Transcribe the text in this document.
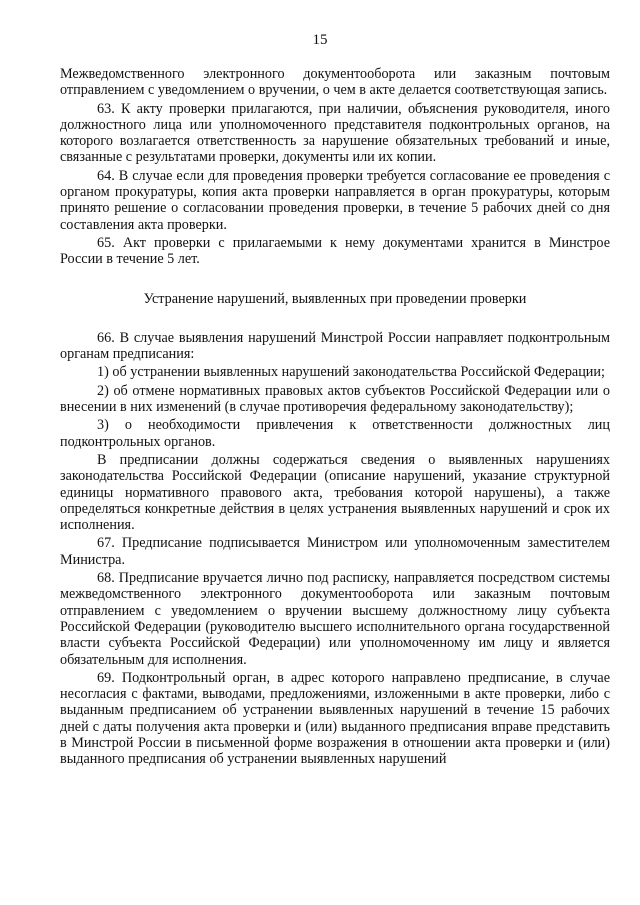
15

Межведомственного электронного документооборота или заказным почтовым отправлением с уведомлением о вручении, о чем в акте делается соответствующая запись.

63. К акту проверки прилагаются, при наличии, объяснения руководителя, иного должностного лица или уполномоченного представителя подконтрольных органов, на которого возлагается ответственность за нарушение обязательных требований и иные, связанные с результатами проверки, документы или их копии.

64. В случае если для проведения проверки требуется согласование ее проведения с органом прокуратуры, копия акта проверки направляется в орган прокуратуры, которым принято решение о согласовании проведения проверки, в течение 5 рабочих дней со дня составления акта проверки.

65. Акт проверки с прилагаемыми к нему документами хранится в Минстрое России в течение 5 лет.

Устранение нарушений, выявленных при проведении проверки

66. В случае выявления нарушений Минстрой России направляет подконтрольным органам предписания:

1) об устранении выявленных нарушений законодательства Российской Федерации;

2) об отмене нормативных правовых актов субъектов Российской Федерации или о внесении в них изменений (в случае противоречия федеральному законодательству);

3) о необходимости привлечения к ответственности должностных лиц подконтрольных органов.

В предписании должны содержаться сведения о выявленных нарушениях законодательства Российской Федерации (описание нарушений, указание структурной единицы нормативного правового акта, требования которой нарушены), а также определяться конкретные действия в целях устранения выявленных нарушений и срок их исполнения.

67. Предписание подписывается Министром или уполномоченным заместителем Министра.

68. Предписание вручается лично под расписку, направляется посредством системы межведомственного электронного документооборота или заказным почтовым отправлением с уведомлением о вручении высшему должностному лицу субъекта Российской Федерации (руководителю высшего исполнительного органа государственной власти субъекта Российской Федерации) или уполномоченному им лицу и является обязательным для исполнения.

69. Подконтрольный орган, в адрес которого направлено предписание, в случае несогласия с фактами, выводами, предложениями, изложенными в акте проверки, либо с выданным предписанием об устранении выявленных нарушений в течение 15 рабочих дней с даты получения акта проверки и (или) выданного предписания вправе представить в Минстрой России в письменной форме возражения в отношении акта проверки и (или) выданного предписания об устранении выявленных нарушений
